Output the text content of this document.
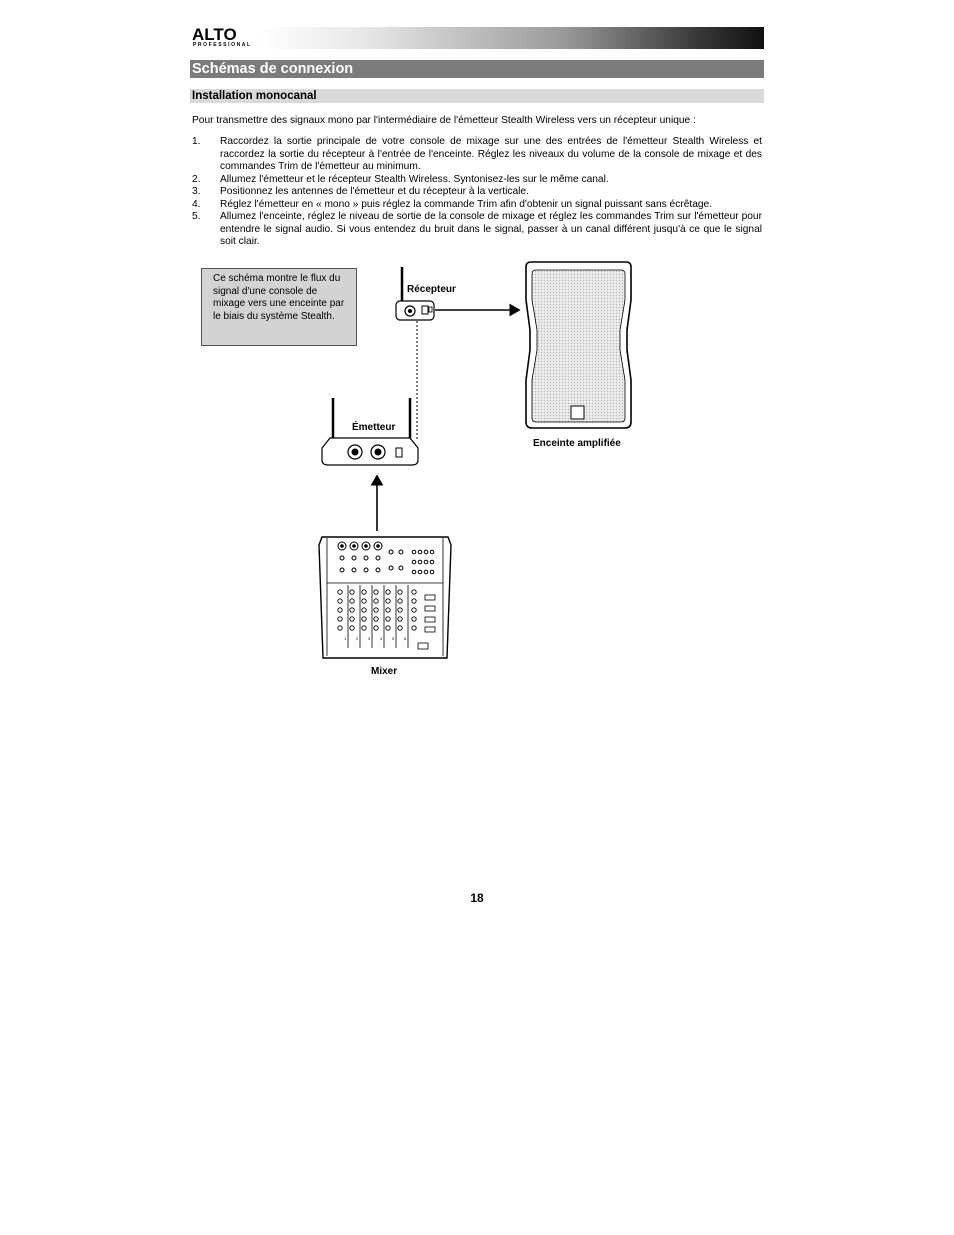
ALTO
PROFESSIONAL
Schémas de connexion
Installation monocanal
Pour transmettre des signaux mono par l'intermédiaire de l'émetteur Stealth Wireless vers un récepteur unique :
1.	Raccordez la sortie principale de votre console de mixage sur une des entrées de l'émetteur Stealth Wireless et raccordez la sortie du récepteur à l'entrée de l'enceinte. Réglez les niveaux du volume de la console de mixage et des commandes Trim de l'émetteur au minimum.
2.	Allumez l'émetteur et le récepteur Stealth Wireless. Syntonisez-les sur le même canal.
3.	Positionnez les antennes de l'émetteur et du récepteur à la verticale.
4.	Réglez l'émetteur en « mono » puis réglez la commande Trim afin d'obtenir un signal puissant sans écrêtage.
5.	Allumez l'enceinte, réglez le niveau de sortie de la console de mixage et réglez les commandes Trim sur l'émetteur pour entendre le signal audio. Si vous entendez du bruit dans le signal, passer à un canal différent jusqu'à ce que le signal soit clair.
1 2 3 4 5 6
Ce schéma montre le flux du signal d'une console de mixage vers une enceinte par le biais du système Stealth.
Récepteur
Émetteur
Enceinte amplifiée
Mixer
18
